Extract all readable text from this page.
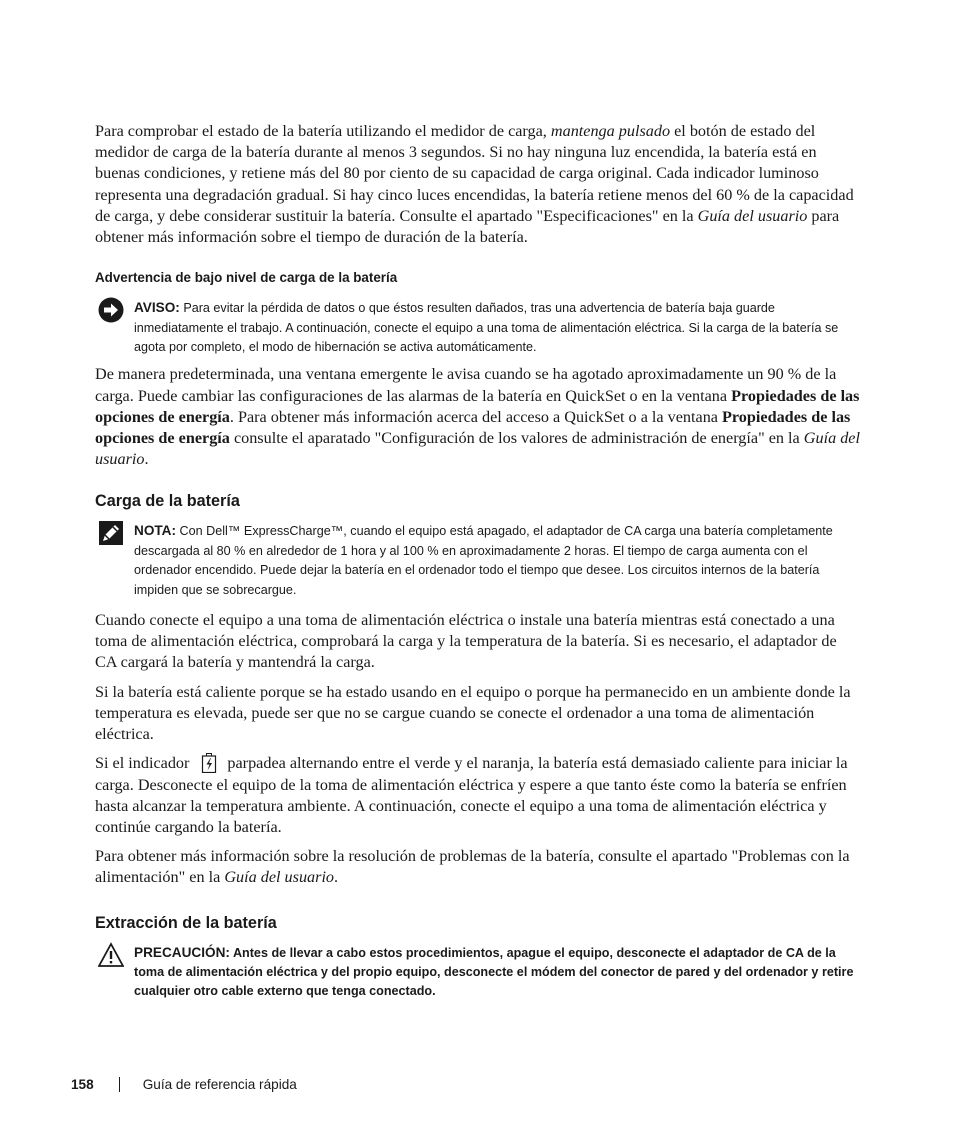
Para comprobar el estado de la batería utilizando el medidor de carga, mantenga pulsado el botón de estado del medidor de carga de la batería durante al menos 3 segundos. Si no hay ninguna luz encendida, la batería está en buenas condiciones, y retiene más del 80 por ciento de su capacidad de carga original. Cada indicador luminoso representa una degradación gradual. Si hay cinco luces encendidas, la batería retiene menos del 60 % de la capacidad de carga, y debe considerar sustituir la batería. Consulte el apartado "Especificaciones" en la Guía del usuario para obtener más información sobre el tiempo de duración de la batería.

Advertencia de bajo nivel de carga de la batería

AVISO: Para evitar la pérdida de datos o que éstos resulten dañados, tras una advertencia de batería baja guarde inmediatamente el trabajo. A continuación, conecte el equipo a una toma de alimentación eléctrica. Si la carga de la batería se agota por completo, el modo de hibernación se activa automáticamente.

De manera predeterminada, una ventana emergente le avisa cuando se ha agotado aproximadamente un 90 % de la carga. Puede cambiar las configuraciones de las alarmas de la batería en QuickSet o en la ventana Propiedades de las opciones de energía. Para obtener más información acerca del acceso a QuickSet o a la ventana Propiedades de las opciones de energía consulte el aparatado "Configuración de los valores de administración de energía" en la Guía del usuario.

Carga de la batería

NOTA: Con Dell™ ExpressCharge™, cuando el equipo está apagado, el adaptador de CA carga una batería completamente descargada al 80 % en alrededor de 1 hora y al 100 % en aproximadamente 2 horas. El tiempo de carga aumenta con el ordenador encendido. Puede dejar la batería en el ordenador todo el tiempo que desee. Los circuitos internos de la batería impiden que se sobrecargue.

Cuando conecte el equipo a una toma de alimentación eléctrica o instale una batería mientras está conectado a una toma de alimentación eléctrica, comprobará la carga y la temperatura de la batería. Si es necesario, el adaptador de CA cargará la batería y mantendrá la carga.

Si la batería está caliente porque se ha estado usando en el equipo o porque ha permanecido en un ambiente donde la temperatura es elevada, puede ser que no se cargue cuando se conecte el ordenador a una toma de alimentación eléctrica.

Si el indicador parpadea alternando entre el verde y el naranja, la batería está demasiado caliente para iniciar la carga. Desconecte el equipo de la toma de alimentación eléctrica y espere a que tanto éste como la batería se enfríen hasta alcanzar la temperatura ambiente. A continuación, conecte el equipo a una toma de alimentación eléctrica y continúe cargando la batería.

Para obtener más información sobre la resolución de problemas de la batería, consulte el apartado "Problemas con la alimentación" en la Guía del usuario.

Extracción de la batería

PRECAUCIÓN: Antes de llevar a cabo estos procedimientos, apague el equipo, desconecte el adaptador de CA de la toma de alimentación eléctrica y del propio equipo, desconecte el módem del conector de pared y del ordenador y retire cualquier otro cable externo que tenga conectado.

158	Guía de referencia rápida
